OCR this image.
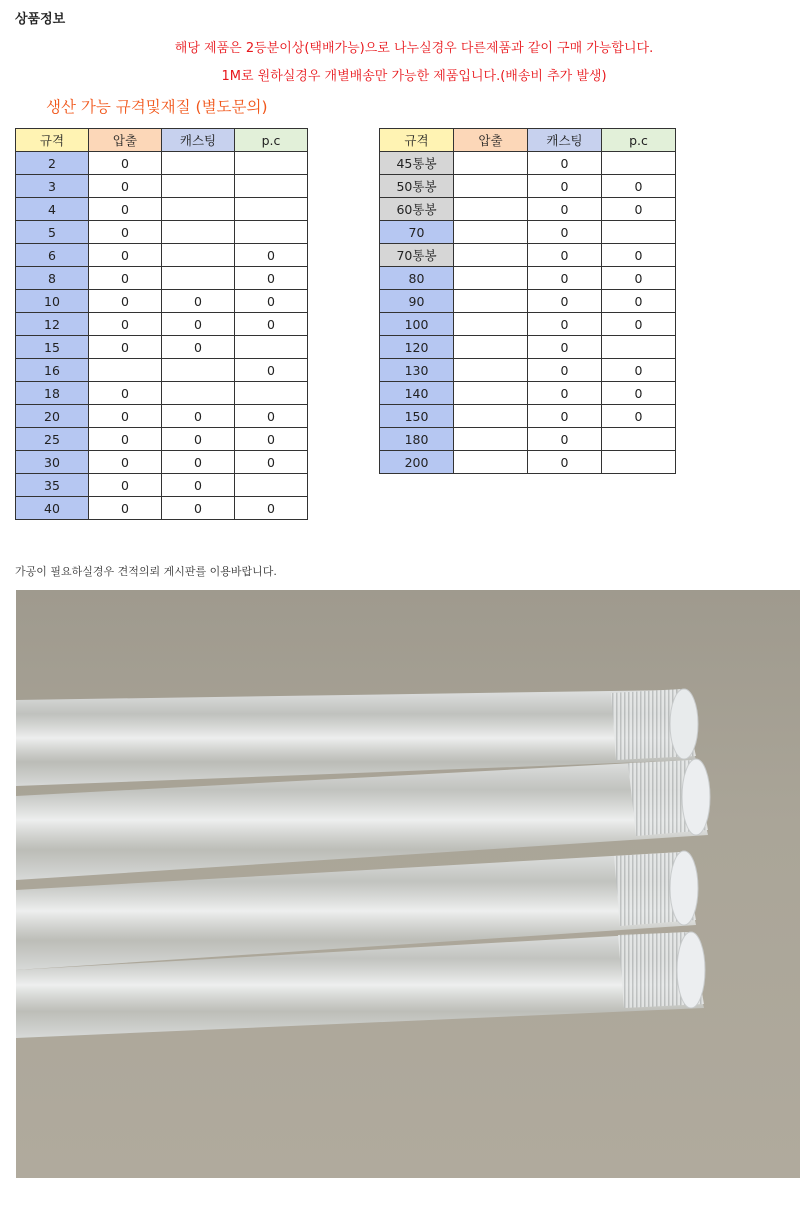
상품정보
해당 제품은 2등분이상(택배가능)으로 나누실경우 다른제품과 같이 구매 가능합니다.
1M로 원하실경우 개별배송만 가능한 제품입니다.(배송비 추가 발생)
생산 가능 규격및재질 (별도문의)
규격	압출	캐스팅	p.c
2	0		
3	0		
4	0		
5	0		
6	0		0
8	0		0
10	0	0	0
12	0	0	0
15	0	0	
16			0
18	0		
20	0	0	0
25	0	0	0
30	0	0	0
35	0	0	
40	0	0	0
규격	압출	캐스팅	p.c
45통봉		0	
50통봉		0	0
60통봉		0	0
70		0	
70통봉		0	0
80		0	0
90		0	0
100		0	0
120		0	
130		0	0
140		0	0
150		0	0
180		0	
200		0	
가공이 필요하실경우 견적의뢰 게시판를 이용바랍니다.
